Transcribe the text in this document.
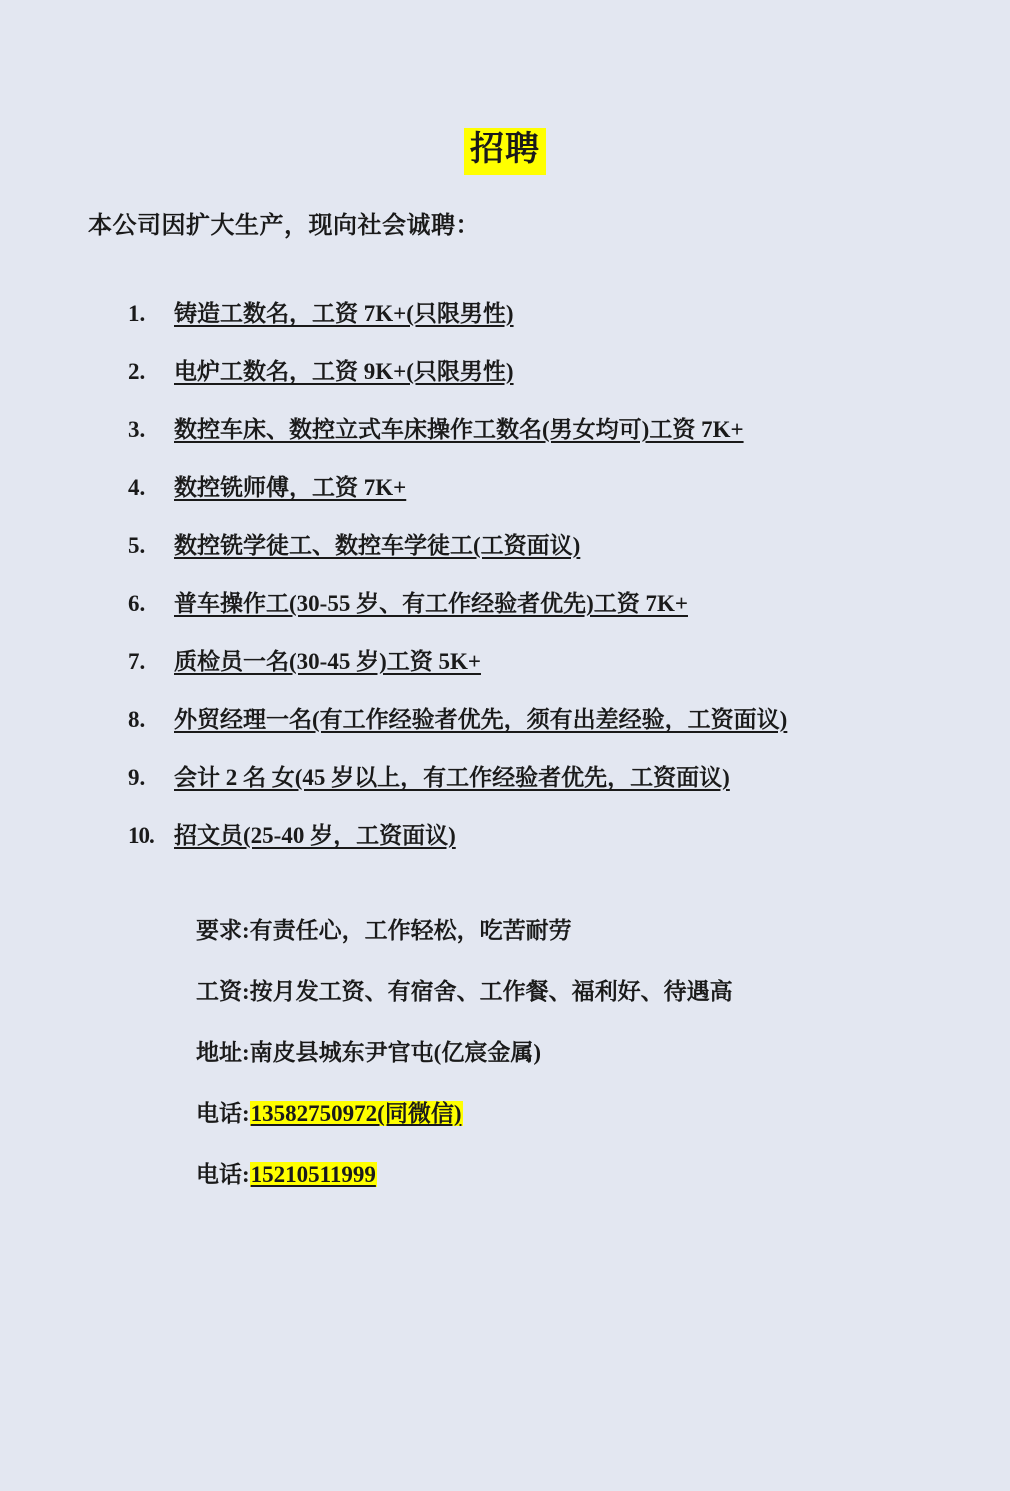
招聘
本公司因扩大生产，现向社会诚聘：
1.	铸造工数名，工资 7K+(只限男性)
2.	电炉工数名，工资 9K+(只限男性)
3.	数控车床、数控立式车床操作工数名(男女均可)工资 7K+
4.	数控铣师傅，工资 7K+
5.	数控铣学徒工、数控车学徒工(工资面议)
6.	普车操作工(30-55 岁、有工作经验者优先)工资 7K+
7.	质检员一名(30-45 岁)工资 5K+
8.	外贸经理一名(有工作经验者优先，须有出差经验，工资面议)
9.	会计 2 名 女(45 岁以上，有工作经验者优先，工资面议)
10. 招文员(25-40 岁，工资面议)
要求:有责任心，工作轻松，吃苦耐劳
工资:按月发工资、有宿舍、工作餐、福利好、待遇高
地址:南皮县城东尹官屯(亿宸金属)
电话:13582750972(同微信)
电话:15210511999
